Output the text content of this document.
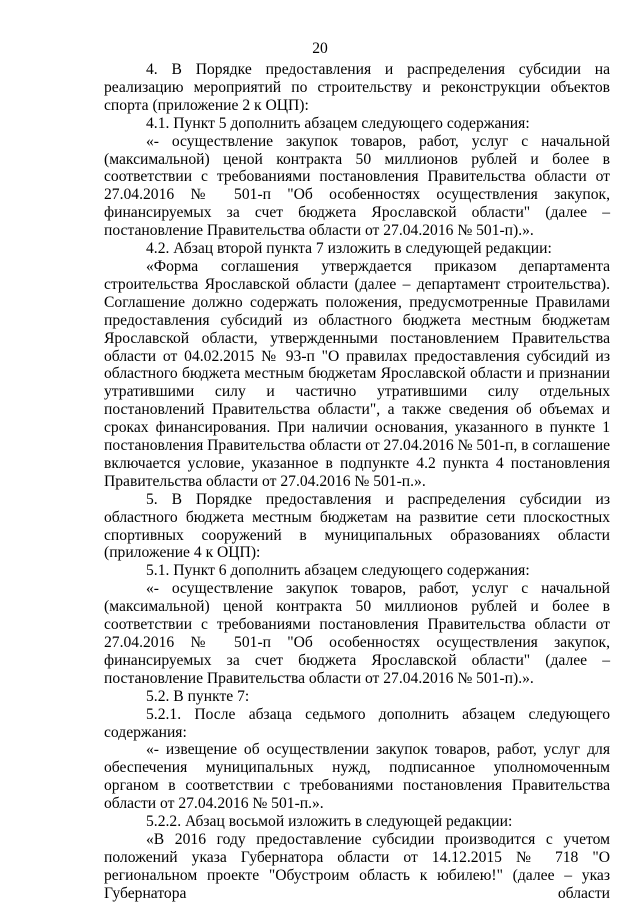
20

4. В Порядке предоставления и распределения субсидии на реализацию мероприятий по строительству и реконструкции объектов спорта (приложение 2 к ОЦП):

4.1. Пункт 5 дополнить абзацем следующего содержания:

«- осуществление закупок товаров, работ, услуг с начальной (максимальной) ценой контракта 50 миллионов рублей и более в соответствии с требованиями постановления Правительства области от 27.04.2016 № 501-п "Об особенностях осуществления закупок, финансируемых за счет бюджета Ярославской области" (далее – постановление Правительства области от 27.04.2016 № 501-п).».

4.2. Абзац второй пункта 7 изложить в следующей редакции:

«Форма соглашения утверждается приказом департамента строительства Ярославской области (далее – департамент строительства). Соглашение должно содержать положения, предусмотренные Правилами предоставления субсидий из областного бюджета местным бюджетам Ярославской области, утвержденными постановлением Правительства области от 04.02.2015 № 93-п "О правилах предоставления субсидий из областного бюджета местным бюджетам Ярославской области и признании утратившими силу и частично утратившими силу отдельных постановлений Правительства области", а также сведения об объемах и сроках финансирования. При наличии основания, указанного в пункте 1 постановления Правительства области от 27.04.2016 № 501-п, в соглашение включается условие, указанное в подпункте 4.2 пункта 4 постановления Правительства области от 27.04.2016 № 501-п.».

5. В Порядке предоставления и распределения субсидии из областного бюджета местным бюджетам на развитие сети плоскостных спортивных сооружений в муниципальных образованиях области (приложение 4 к ОЦП):

5.1. Пункт 6 дополнить абзацем следующего содержания:

«- осуществление закупок товаров, работ, услуг с начальной (максимальной) ценой контракта 50 миллионов рублей и более в соответствии с требованиями постановления Правительства области от 27.04.2016 № 501-п "Об особенностях осуществления закупок, финансируемых за счет бюджета Ярославской области" (далее – постановление Правительства области от 27.04.2016 № 501-п).».

5.2. В пункте 7:

5.2.1. После абзаца седьмого дополнить абзацем следующего содержания:

«- извещение об осуществлении закупок товаров, работ, услуг для обеспечения муниципальных нужд, подписанное уполномоченным органом в соответствии с требованиями постановления Правительства области от 27.04.2016 № 501-п.».

5.2.2. Абзац восьмой изложить в следующей редакции:

«В 2016 году предоставление субсидии производится с учетом положений указа Губернатора области от 14.12.2015 № 718 "О региональном проекте "Обустроим область к юбилею!" (далее – указ Губернатора области
